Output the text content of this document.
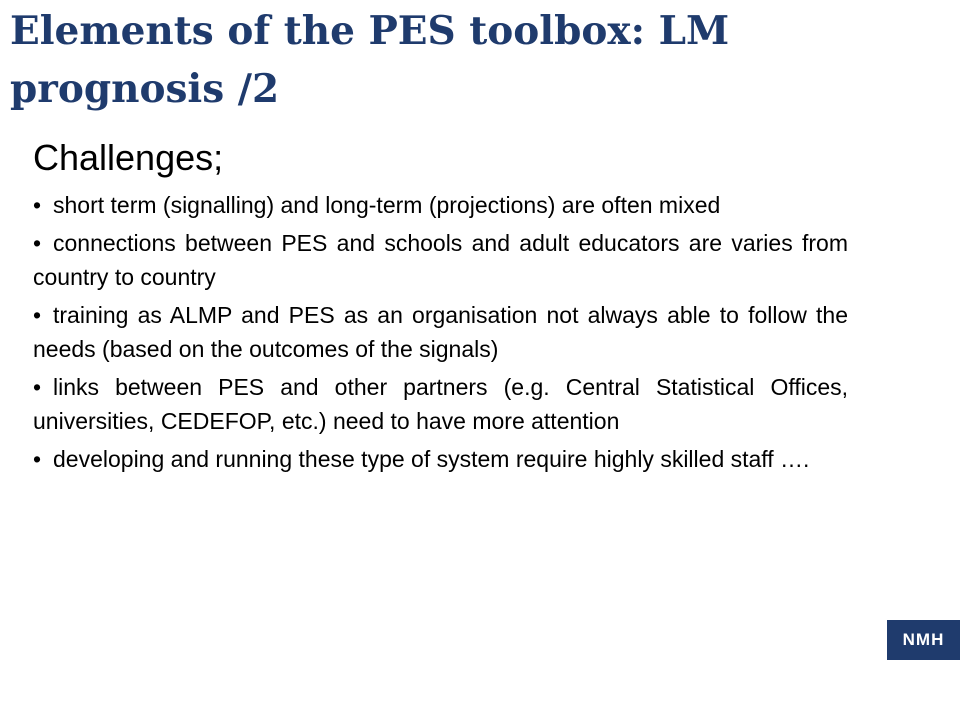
Elements of the PES toolbox: LM prognosis /2
Challenges;
• short term (signalling) and long-term (projections) are often mixed
• connections between PES and schools and adult educators are varies from country to country
• training as ALMP and PES as an organisation not always able to follow the needs (based on the outcomes of the signals)
• links between PES and other partners (e.g. Central Statistical Offices, universities, CEDEFOP, etc.) need to have more attention
• developing and running these type of system require highly skilled staff ….
NMH
